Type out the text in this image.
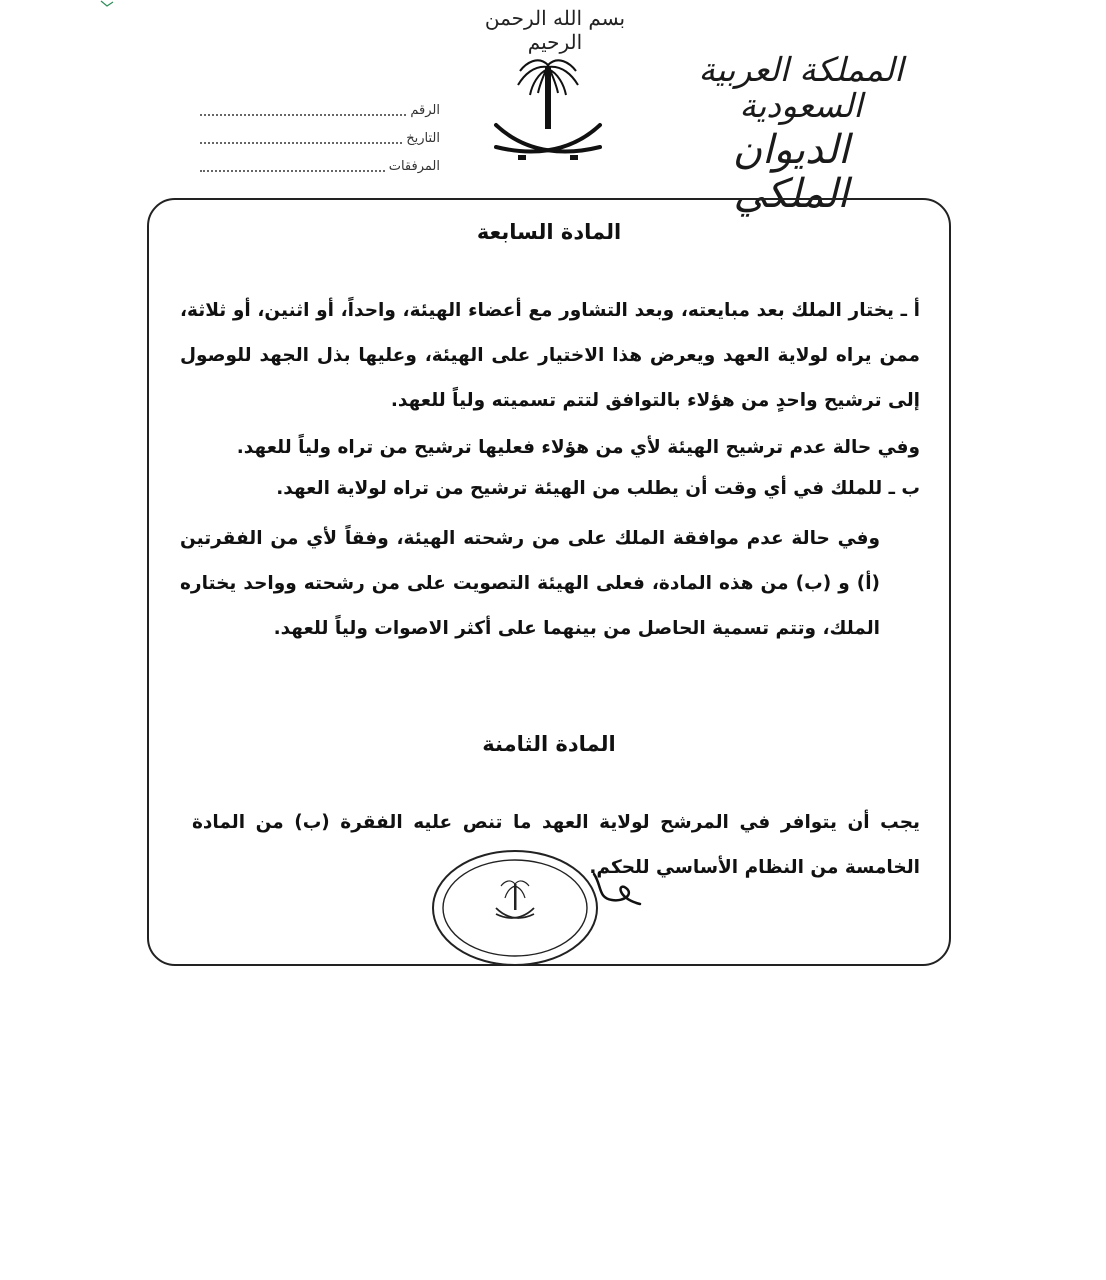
بسم الله الرحمن الرحيم
المملكة العربية السعودية
الديوان الملكي
الرقم
التاريخ
المرفقات
المادة السابعة
أ ـ يختار الملك بعد مبايعته، وبعد التشاور مع أعضاء الهيئة، واحداً، أو اثنين، أو ثلاثة، ممن يراه لولاية العهد ويعرض هذا الاختيار على الهيئة، وعليها بذل الجهد للوصول إلى ترشيح واحدٍ من هؤلاء بالتوافق لتتم تسميته ولياً للعهد.
وفي حالة عدم ترشيح الهيئة لأي من هؤلاء فعليها ترشيح من تراه ولياً للعهد.
ب ـ للملك في أي وقت أن يطلب من الهيئة ترشيح من تراه لولاية العهد.
وفي حالة عدم موافقة الملك على من رشحته الهيئة، وفقاً لأي من الفقرتين (أ) و (ب) من هذه المادة، فعلى الهيئة التصويت على من رشحته وواحد يختاره الملك، وتتم تسمية الحاصل من بينهما على أكثر الاصوات ولياً للعهد.
المادة الثامنة
يجب أن يتوافر في المرشح لولاية العهد ما تنص عليه الفقرة (ب) من المادة الخامسة من النظام الأساسي للحكم.
